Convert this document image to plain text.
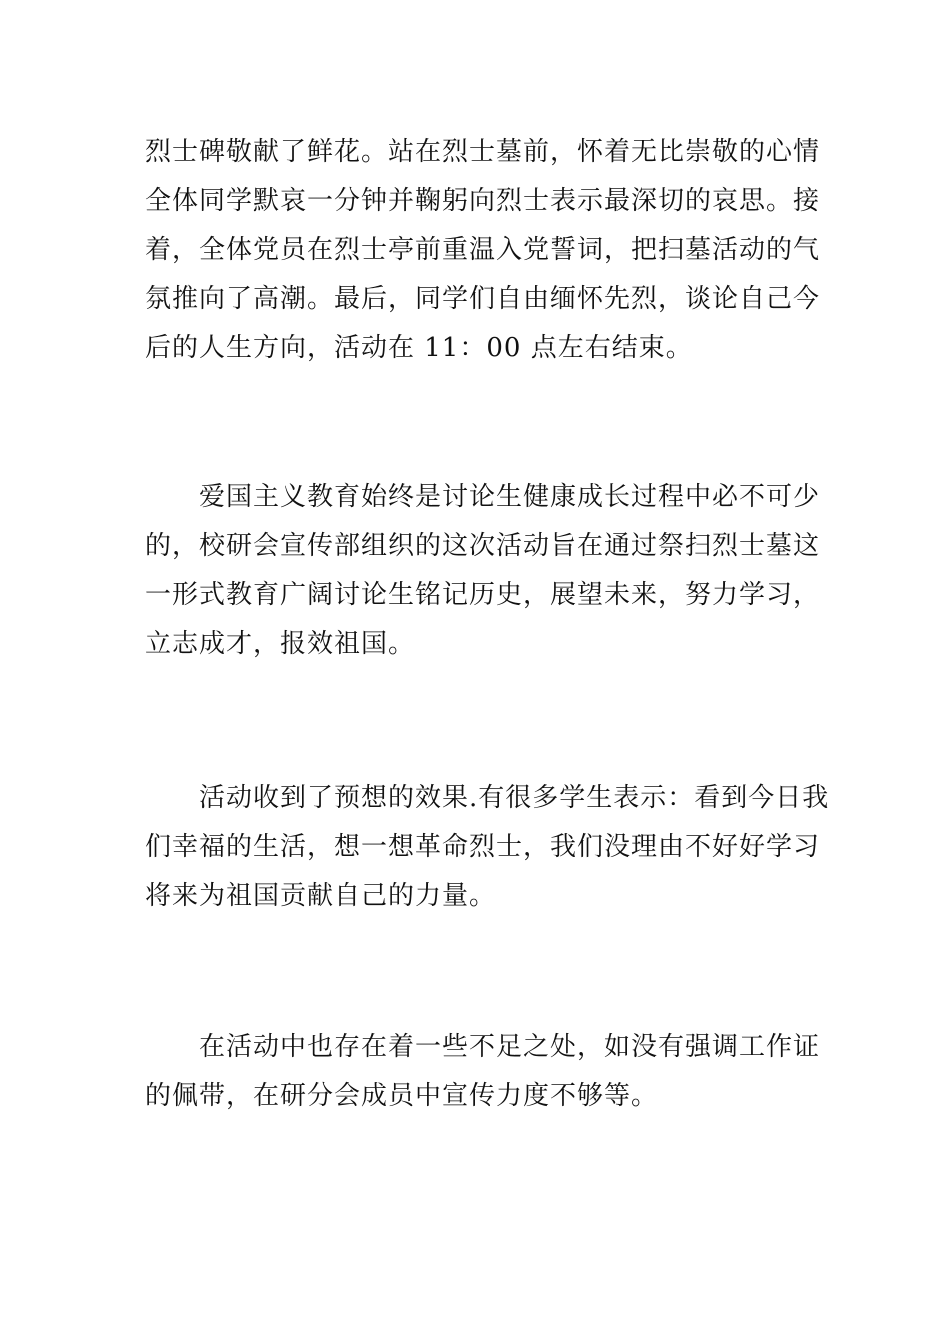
烈士碑敬献了鲜花。站在烈士墓前，怀着无比崇敬的心情
全体同学默哀一分钟并鞠躬向烈士表示最深切的哀思。接
着，全体党员在烈士亭前重温入党誓词，把扫墓活动的气
氛推向了高潮。最后，同学们自由缅怀先烈，谈论自己今
后的人生方向，活动在 11：00 点左右结束。

爱国主义教育始终是讨论生健康成长过程中必不可少
的，校研会宣传部组织的这次活动旨在通过祭扫烈士墓这
一形式教育广阔讨论生铭记历史，展望未来，努力学习，
立志成才，报效祖国。

活动收到了预想的效果.有很多学生表示：看到今日我
们幸福的生活，想一想革命烈士，我们没理由不好好学习
将来为祖国贡献自己的力量。

在活动中也存在着一些不足之处，如没有强调工作证
的佩带，在研分会成员中宣传力度不够等。
